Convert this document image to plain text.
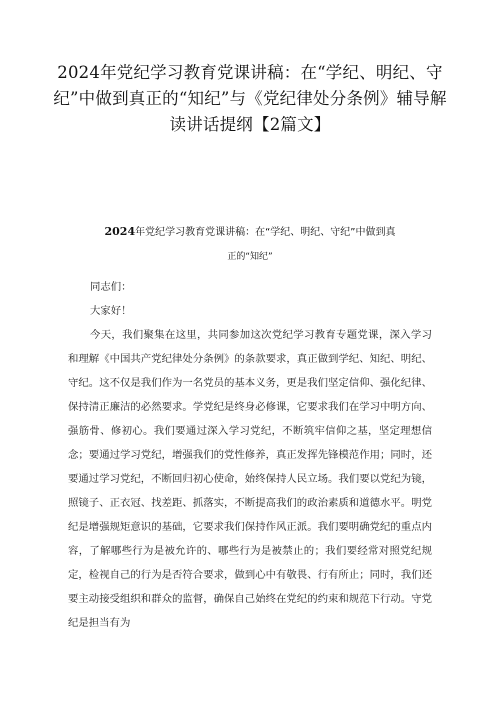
2024年党纪学习教育党课讲稿：在“学纪、明纪、守纪”中做到真正的“知纪”与《党纪律处分条例》辅导解读讲话提纲【2篇文】
2024年党纪学习教育党课讲稿：在“学纪、明纪、守纪”中做到真
正的“知纪”

同志们：

大家好！

今天，我们聚集在这里，共同参加这次党纪学习教育专题党课，深入学习和理解《中国共产党纪律处分条例》的条款要求，真正做到学纪、知纪、明纪、守纪。这不仅是我们作为一名党员的基本义务，更是我们坚定信仰、强化纪律、保持清正廉洁的必然要求。学党纪是终身必修课，它要求我们在学习中明方向、强筋骨、修初心。我们要通过深入学习党纪，不断筑牢信仰之基，坚定理想信念；要通过学习党纪，增强我们的党性修养，真正发挥先锋模范作用；同时，还要通过学习党纪，不断回归初心使命，始终保持人民立场。我们要以党纪为镜，照镜子、正衣冠、找差距、抓落实，不断提高我们的政治素质和道德水平。明党纪是增强规矩意识的基础，它要求我们保持作风正派。我们要明确党纪的重点内容，了解哪些行为是被允许的、哪些行为是被禁止的；我们要经常对照党纪规定，检视自己的行为是否符合要求，做到心中有敬畏、行有所止；同时，我们还要主动接受组织和群众的监督，确保自己始终在党纪的约束和规范下行动。守党纪是担当有为
